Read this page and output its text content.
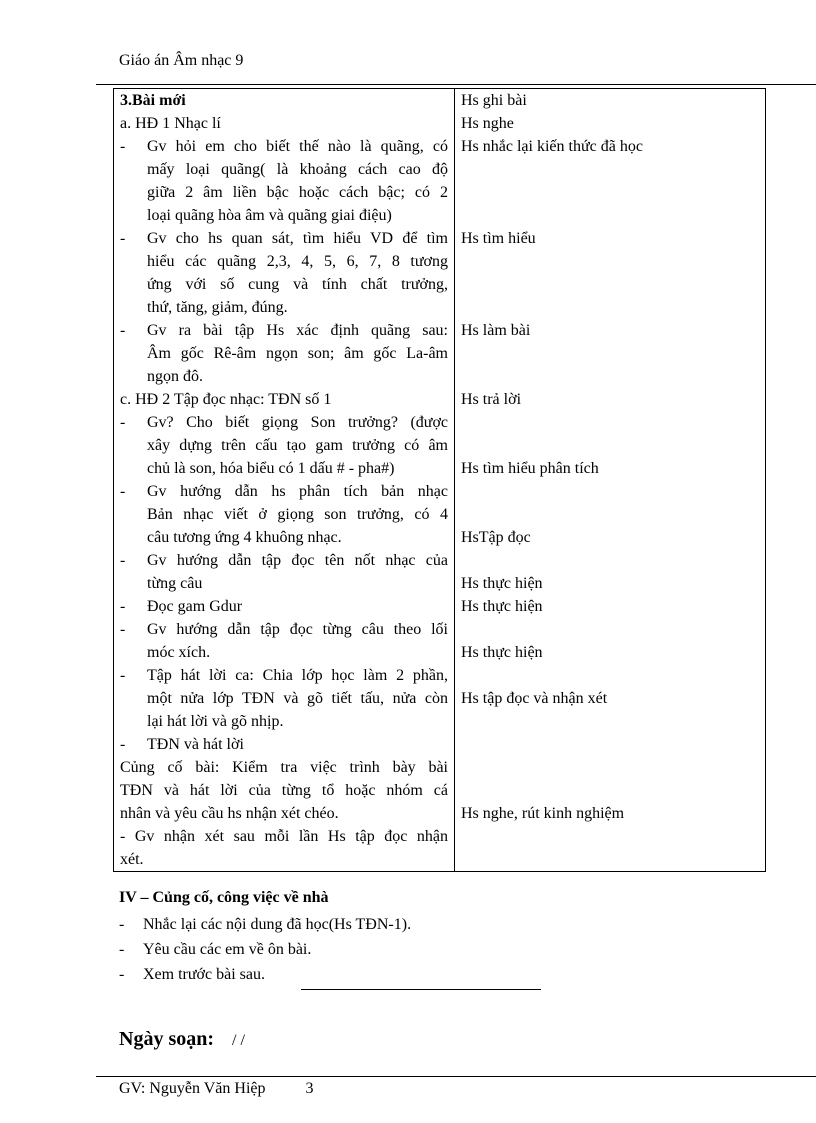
Giáo án Âm nhạc 9
3.Bài mới
a. HĐ 1 Nhạc lí
- Gv hỏi em cho biết thế nào là quãng, có
mấy loại quãng( là khoảng cách cao độ
giữa 2 âm liền bậc hoặc cách bậc; có 2
loại quãng hòa âm và quãng giai điệu)
- Gv cho hs quan sát, tìm hiểu VD để tìm
hiểu các quãng 2,3, 4, 5, 6, 7, 8 tương
ứng với số cung và tính chất trưởng,
thứ, tăng, giảm, đúng.
- Gv ra bài tập Hs xác định quãng sau:
Âm gốc Rê-âm ngọn son; âm gốc La-âm
ngọn đô.
c. HĐ 2 Tập đọc nhạc: TĐN số 1
- Gv? Cho biết giọng Son trưởng? (được
xây dựng trên cấu tạo gam trưởng có âm
chủ là son, hóa biểu có 1 dấu # - pha#)
- Gv hướng dẫn hs phân tích bản nhạc
Bản nhạc viết ở giọng son trưởng, có 4
câu tương ứng 4 khuông nhạc.
- Gv hướng dẫn tập đọc tên nốt nhạc của
từng câu
- Đọc gam Gdur
- Gv hướng dẫn tập đọc từng câu theo lối
móc xích.
- Tập hát lời ca: Chia lớp học làm 2 phần,
một nửa lớp TĐN và gõ tiết tấu, nửa còn
lại hát lời và gõ nhịp.
- TĐN và hát lời
Củng cố bài: Kiểm tra việc trình bày bài
TĐN và hát lời của từng tổ hoặc nhóm cá
nhân và yêu cầu hs nhận xét chéo.
- Gv nhận xét sau mỗi lần Hs tập đọc nhận
xét.
Hs ghi bài
Hs nghe
Hs nhắc lại kiến thức đã học
Hs tìm hiểu
Hs làm bài
Hs trả lời
Hs tìm hiểu phân tích
HsTập đọc
Hs thực hiện
Hs thực hiện
Hs thực hiện
Hs tập đọc và nhận xét
Hs nghe, rút kinh nghiệm
IV – Củng cố, công việc về nhà
- Nhắc lại các nội dung đã học(Hs TĐN-1).
- Yêu cầu các em về ôn bài.
- Xem trước bài sau.
Ngày soạn: / /
GV: Nguyễn Văn Hiệp	3
